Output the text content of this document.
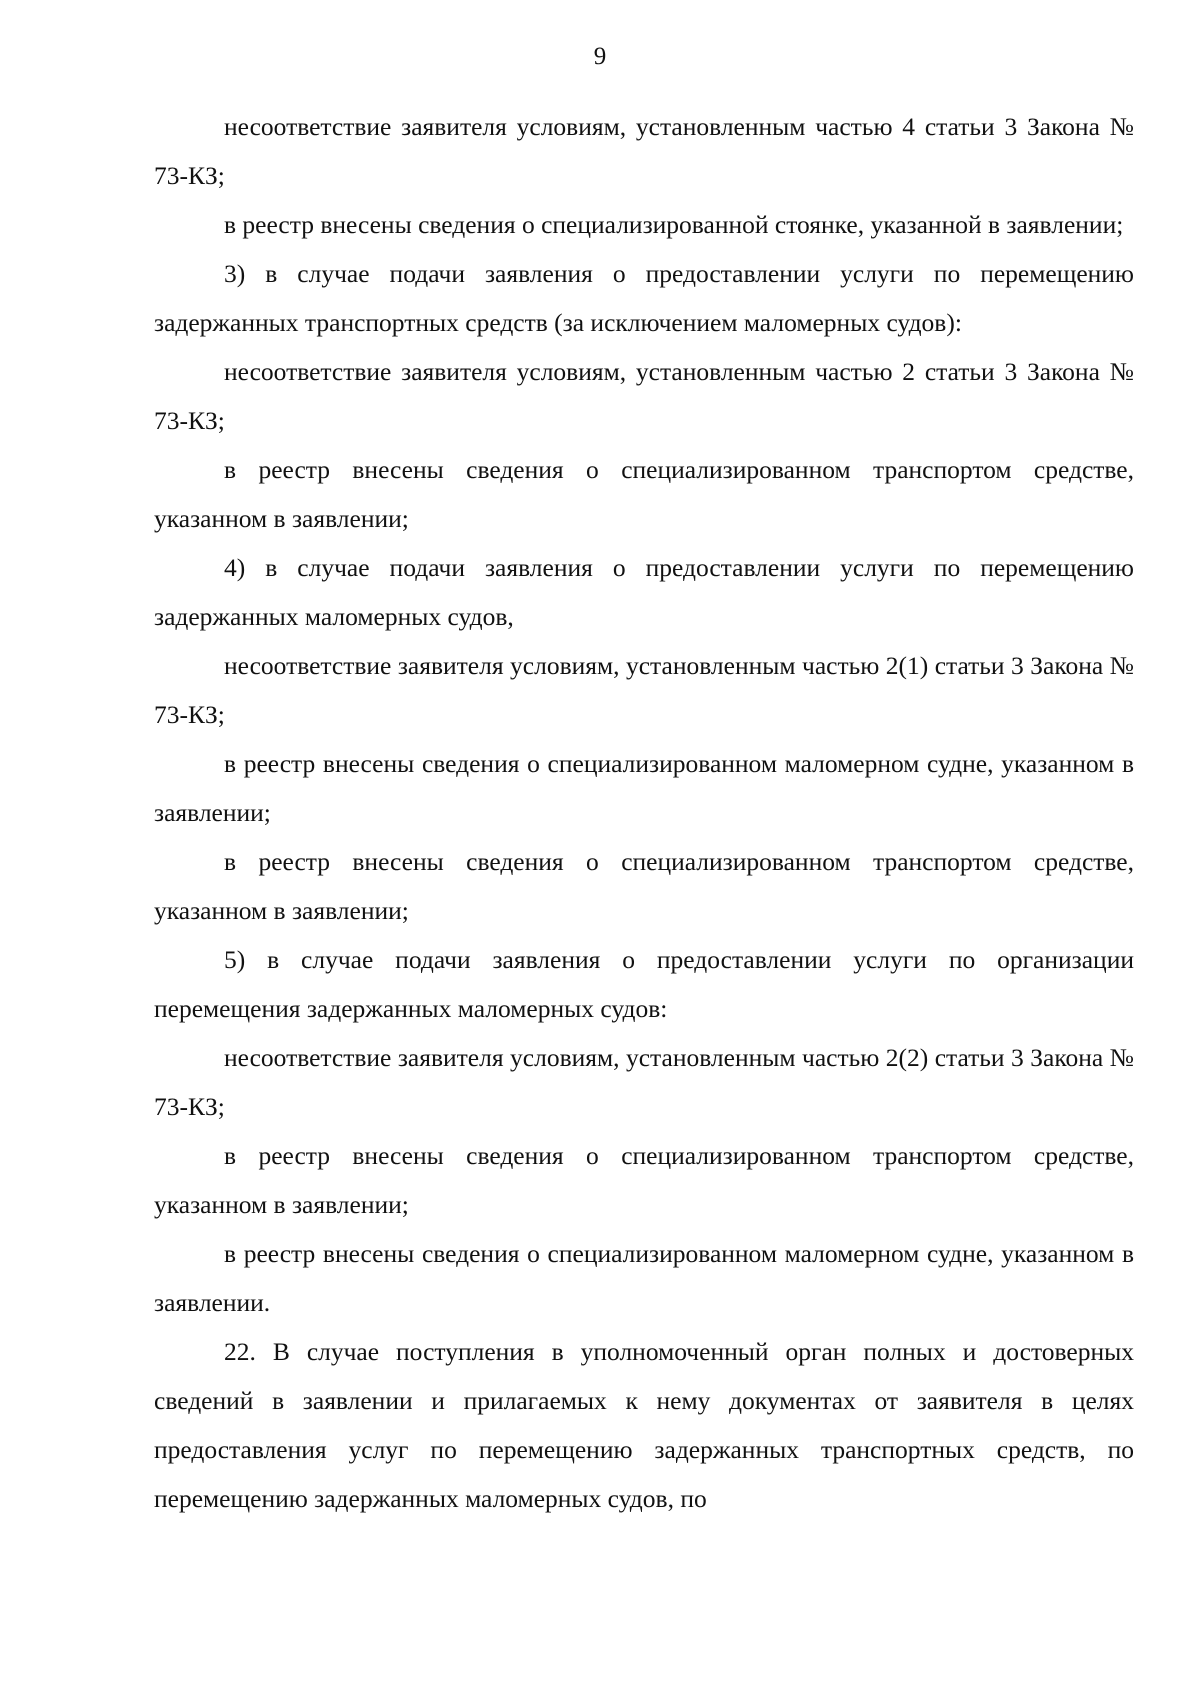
9

несоответствие заявителя условиям, установленным частью 4 статьи 3 Закона № 73-КЗ;

в реестр внесены сведения о специализированной стоянке, указанной в заявлении;

3) в случае подачи заявления о предоставлении услуги по перемещению задержанных транспортных средств (за исключением маломерных судов):

несоответствие заявителя условиям, установленным частью 2 статьи 3 Закона № 73-КЗ;

в реестр внесены сведения о специализированном транспортом средстве, указанном в заявлении;

4) в случае подачи заявления о предоставлении услуги по перемещению задержанных маломерных судов,

несоответствие заявителя условиям, установленным частью 2(1) статьи 3 Закона № 73-КЗ;

в реестр внесены сведения о специализированном маломерном судне, указанном в заявлении;

в реестр внесены сведения о специализированном транспортом средстве, указанном в заявлении;

5) в случае подачи заявления о предоставлении услуги по организации перемещения задержанных маломерных судов:

несоответствие заявителя условиям, установленным частью 2(2) статьи 3 Закона № 73-КЗ;

в реестр внесены сведения о специализированном транспортом средстве, указанном в заявлении;

в реестр внесены сведения о специализированном маломерном судне, указанном в заявлении.

22. В случае поступления в уполномоченный орган полных и достоверных сведений в заявлении и прилагаемых к нему документах от заявителя в целях предоставления услуг по перемещению задержанных транспортных средств, по перемещению задержанных маломерных судов, по
